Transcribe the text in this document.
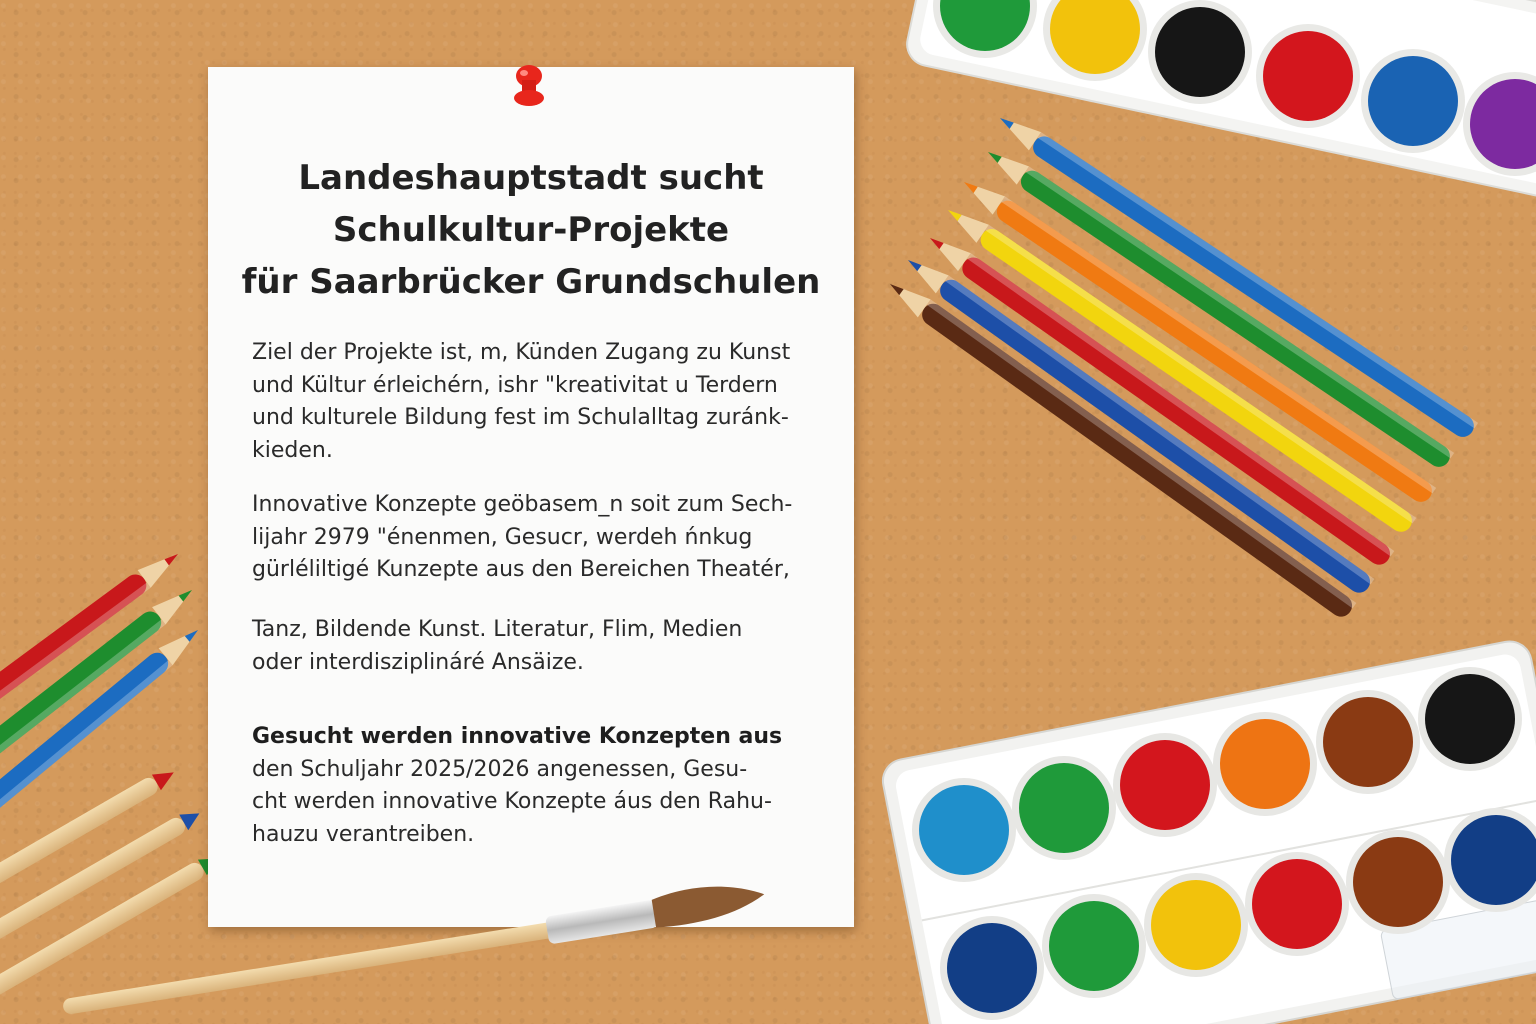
Landeshauptstadt sucht
Schulkultur-Projekte
für Saarbrücker Grundschulen
Ziel der Projekte ist, m, Künden Zugang zu Kunst
und Kültur érleichérn, ishr "kreativitat u Terdern
und kulturele Bildung fest im Schulalltag zuránk-
kieden.
Innovative Konzepte geöbasem_n soit zum Sech-
lijahr 2979 "énenmen, Gesucr, werdeh ńnkug
gürléliltigé Kunzepte aus den Bereichen Theatér,
Tanz, Bildende Kunst. Literatur, Flim, Medien
oder interdisziplináré Ansäize.
Gesucht werden innovative Konzepten aus
den Schuljahr 2025/2026 angenessen, Gesu-
cht werden innovative Konzepte áus den Rahu-
hauzu verantreiben.
